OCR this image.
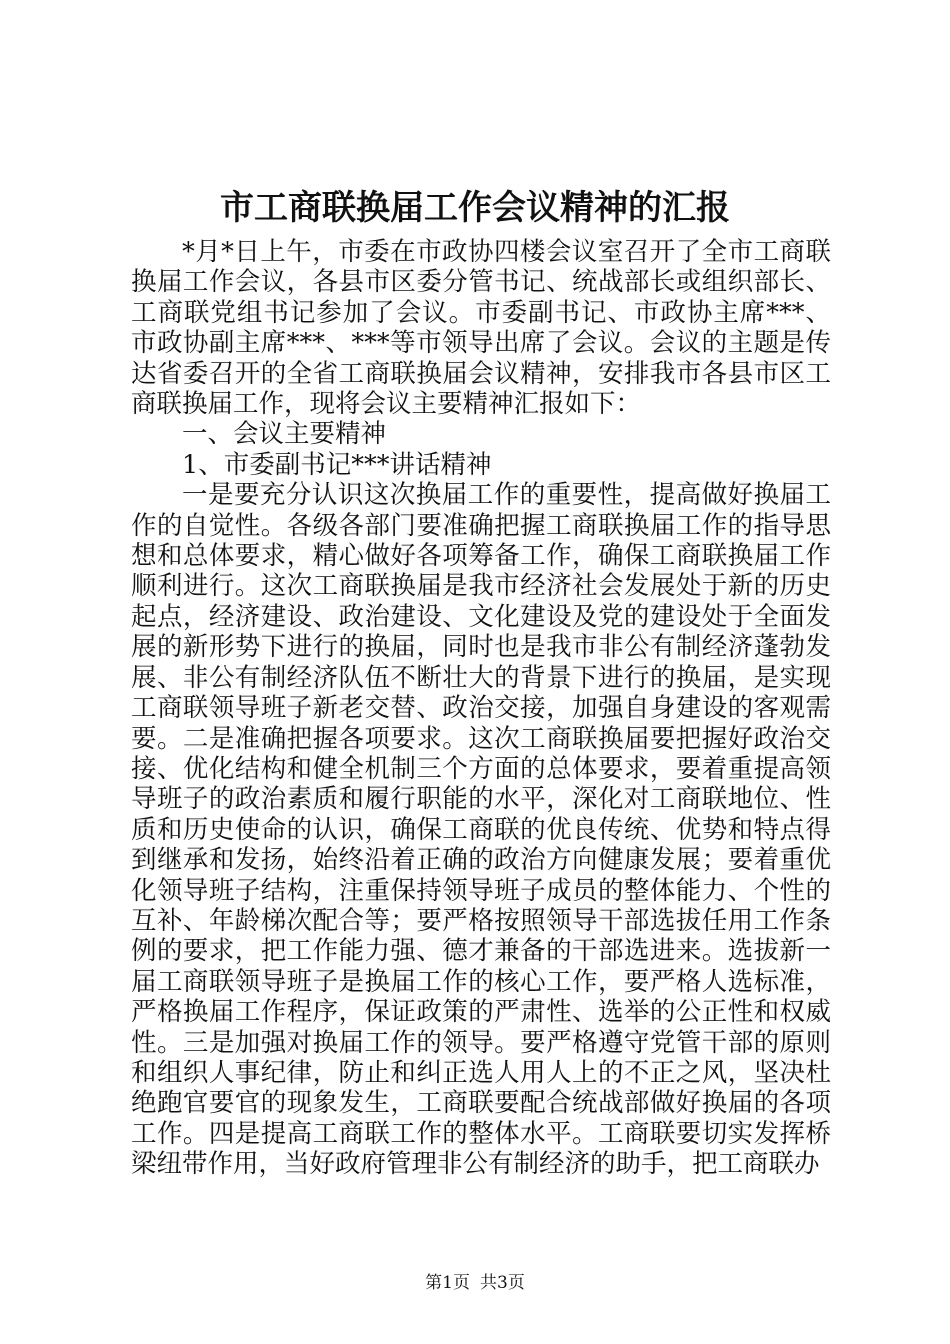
市工商联换届工作会议精神的汇报

*月*日上午，市委在市政协四楼会议室召开了全市工商联换届工作会议，各县市区委分管书记、统战部长或组织部长、工商联党组书记参加了会议。市委副书记、市政协主席***、市政协副主席***、***等市领导出席了会议。会议的主题是传达省委召开的全省工商联换届会议精神，安排我市各县市区工商联换届工作，现将会议主要精神汇报如下：

一、会议主要精神

1、市委副书记***讲话精神

一是要充分认识这次换届工作的重要性，提高做好换届工作的自觉性。各级各部门要准确把握工商联换届工作的指导思想和总体要求，精心做好各项筹备工作，确保工商联换届工作顺利进行。这次工商联换届是我市经济社会发展处于新的历史起点，经济建设、政治建设、文化建设及党的建设处于全面发展的新形势下进行的换届，同时也是我市非公有制经济蓬勃发展、非公有制经济队伍不断壮大的背景下进行的换届，是实现工商联领导班子新老交替、政治交接，加强自身建设的客观需要。二是准确把握各项要求。这次工商联换届要把握好政治交接、优化结构和健全机制三个方面的总体要求，要着重提高领导班子的政治素质和履行职能的水平，深化对工商联地位、性质和历史使命的认识，确保工商联的优良传统、优势和特点得到继承和发扬，始终沿着正确的政治方向健康发展；要着重优化领导班子结构，注重保持领导班子成员的整体能力、个性的互补、年龄梯次配合等；要严格按照领导干部选拔任用工作条例的要求，把工作能力强、德才兼备的干部选进来。选拔新一届工商联领导班子是换届工作的核心工作，要严格人选标准，严格换届工作程序，保证政策的严肃性、选举的公正性和权威性。三是加强对换届工作的领导。要严格遵守党管干部的原则和组织人事纪律，防止和纠正选人用人上的不正之风，坚决杜绝跑官要官的现象发生，工商联要配合统战部做好换届的各项工作。四是提高工商联工作的整体水平。工商联要切实发挥桥梁纽带作用，当好政府管理非公有制经济的助手，把工商联办

第1页 共3页
